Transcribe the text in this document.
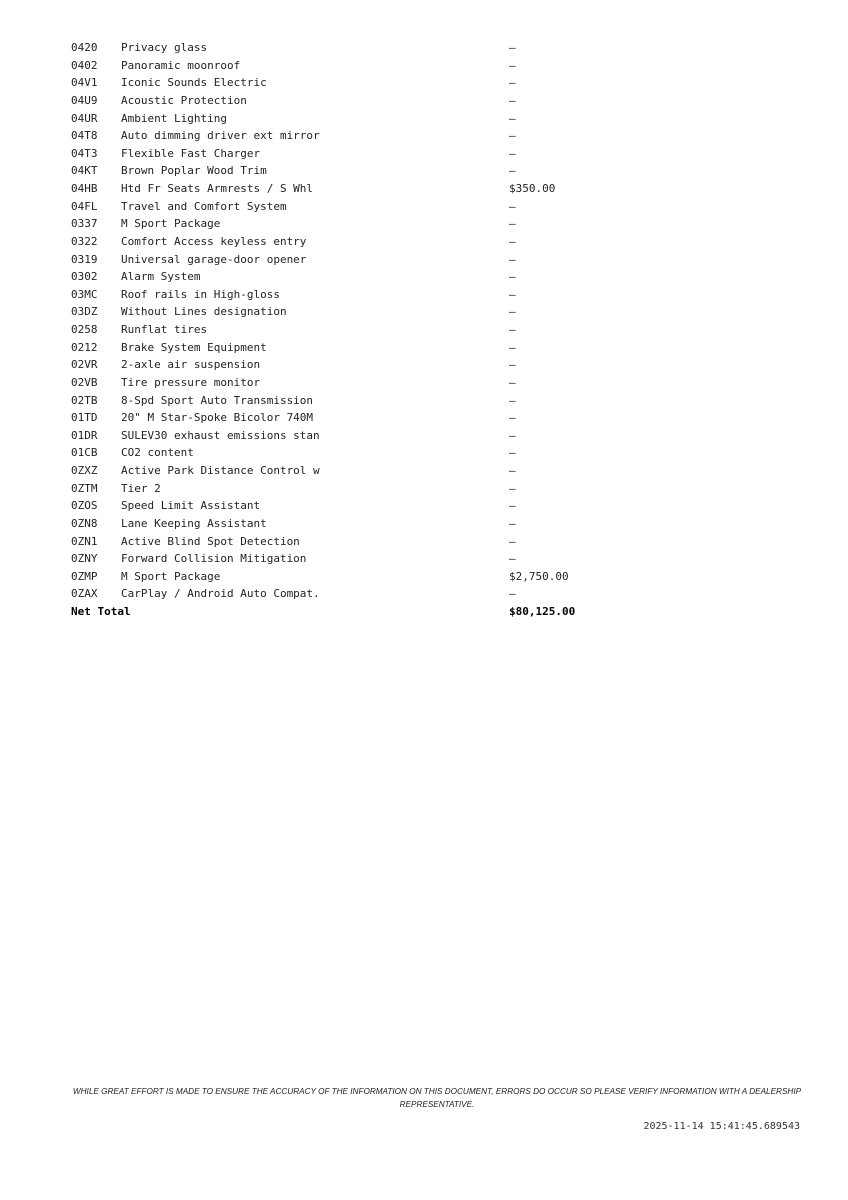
0420	Privacy glass	—
0402	Panoramic moonroof	—
04V1	Iconic Sounds Electric	—
04U9	Acoustic Protection	—
04UR	Ambient Lighting	—
04T8	Auto dimming driver ext mirror	—
04T3	Flexible Fast Charger	—
04KT	Brown Poplar Wood Trim	—
04HB	Htd Fr Seats Armrests / S Whl	$350.00
04FL	Travel and Comfort System	—
0337	M Sport Package	—
0322	Comfort Access keyless entry	—
0319	Universal garage-door opener	—
0302	Alarm System	—
03MC	Roof rails in High-gloss	—
03DZ	Without Lines designation	—
0258	Runflat tires	—
0212	Brake System Equipment	—
02VR	2-axle air suspension	—
02VB	Tire pressure monitor	—
02TB	8-Spd Sport Auto Transmission	—
01TD	20" M Star-Spoke Bicolor 740M	—
01DR	SULEV30 exhaust emissions stan	—
01CB	CO2 content	—
0ZXZ	Active Park Distance Control w	—
0ZTM	Tier 2	—
0ZOS	Speed Limit Assistant	—
0ZN8	Lane Keeping Assistant	—
0ZN1	Active Blind Spot Detection	—
0ZNY	Forward Collision Mitigation	—
0ZMP	M Sport Package	$2,750.00
0ZAX	CarPlay / Android Auto Compat.	—
Net Total		$80,125.00
WHILE GREAT EFFORT IS MADE TO ENSURE THE ACCURACY OF THE INFORMATION ON THIS DOCUMENT, ERRORS DO OCCUR SO PLEASE VERIFY INFORMATION WITH A DEALERSHIP REPRESENTATIVE.
2025-11-14 15:41:45.689543
